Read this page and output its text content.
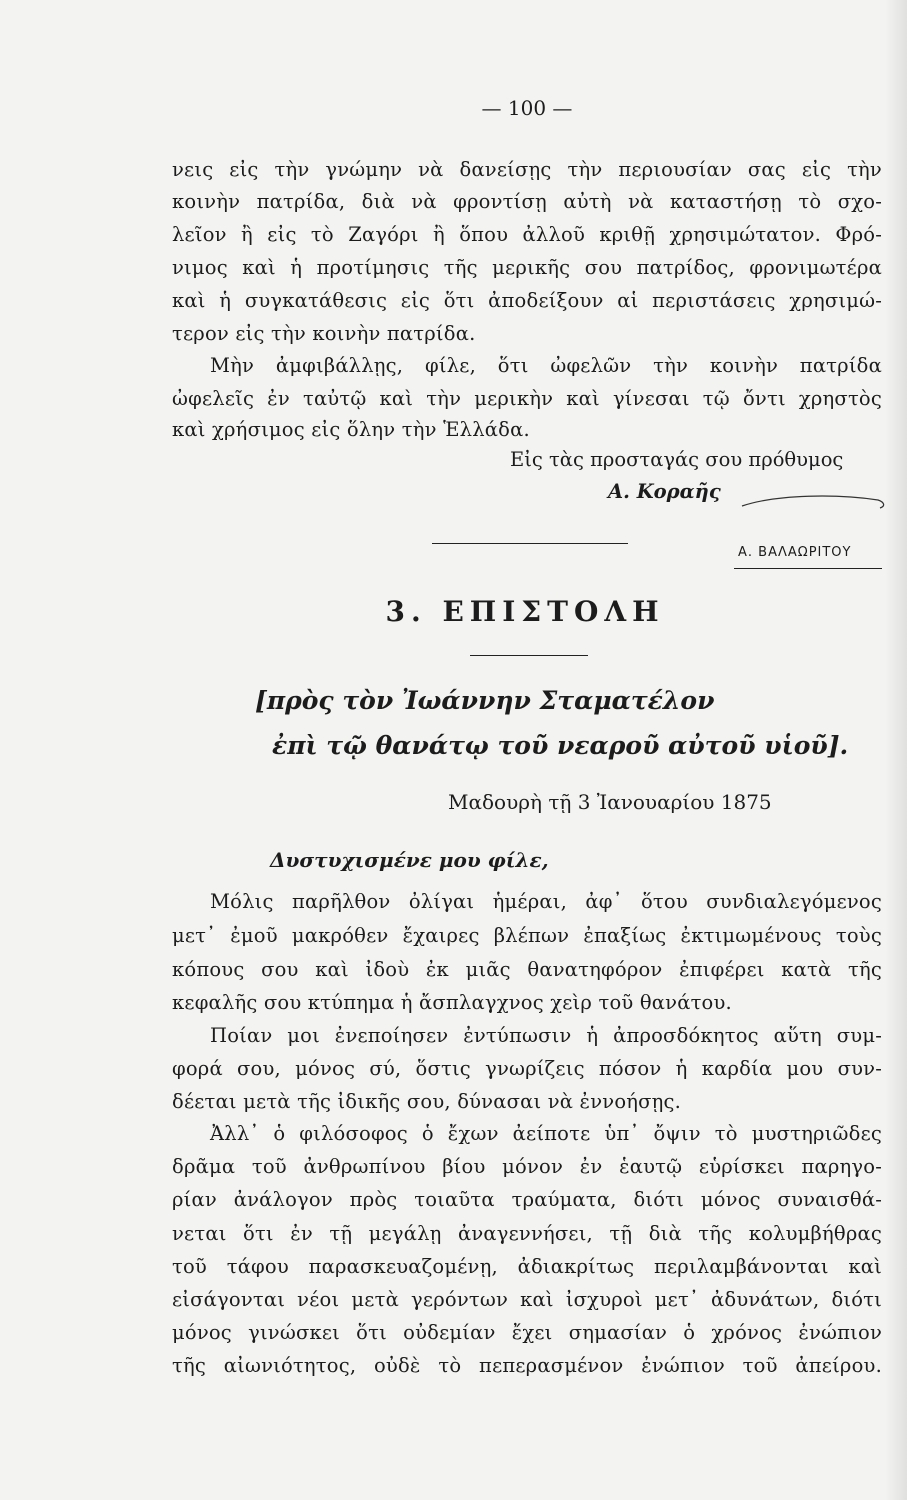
— 100 —
νεις εἰς τὴν γνώμην νὰ δανείσῃς τὴν περιουσίαν σας εἰς τὴν
κοινὴν πατρίδα, διὰ νὰ φροντίσῃ αὐτὴ νὰ καταστήσῃ τὸ σχο-
λεῖον ἢ εἰς τὸ Ζαγόρι ἢ ὅπου ἀλλοῦ κριθῇ χρησιμώτατον. Φρό-
νιμος καὶ ἡ προτίμησις τῆς μερικῆς σου πατρίδος, φρονιμωτέρα
καὶ ἡ συγκατάθεσις εἰς ὅτι ἀποδείξουν αἱ περιστάσεις χρησιμώ-
τερον εἰς τὴν κοινὴν πατρίδα.
Μὴν ἀμφιβάλλῃς, φίλε, ὅτι ὠφελῶν τὴν κοινὴν πατρίδα
ὠφελεῖς ἐν ταὐτῷ καὶ τὴν μερικὴν καὶ γίνεσαι τῷ ὄντι χρηστὸς
καὶ χρήσιμος εἰς ὅλην τὴν Ἑλλάδα.
Εἰς τὰς προσταγάς σου πρόθυμος
Α. Κοραῆς
Α. ΒΑΛΑΩΡΙΤΟΥ
3. ΕΠΙΣΤΟΛΗ
[πρὸς τὸν Ἰωάννην Σταματέλον
ἐπὶ τῷ θανάτῳ τοῦ νεαροῦ αὐτοῦ υἱοῦ].
Μαδουρὴ τῇ 3 Ἰανουαρίου 1875
Δυστυχισμένε μου φίλε,
Μόλις παρῆλθον ὀλίγαι ἡμέραι, ἀφ᾿ ὅτου συνδιαλεγόμενος
μετ᾿ ἐμοῦ μακρόθεν ἔχαιρες βλέπων ἐπαξίως ἐκτιμωμένους τοὺς
κόπους σου καὶ ἰδοὺ ἐκ μιᾶς θανατηφόρον ἐπιφέρει κατὰ τῆς
κεφαλῆς σου κτύπημα ἡ ἄσπλαγχνος χεὶρ τοῦ θανάτου.
Ποίαν μοι ἐνεποίησεν ἐντύπωσιν ἡ ἀπροσδόκητος αὕτη συμ-
φορά σου, μόνος σύ, ὅστις γνωρίζεις πόσον ἡ καρδία μου συν-
δέεται μετὰ τῆς ἰδικῆς σου, δύνασαι νὰ ἐννοήσῃς.
Ἀλλ᾿ ὁ φιλόσοφος ὁ ἔχων ἀείποτε ὑπ᾿ ὄψιν τὸ μυστηριῶδες
δρᾶμα τοῦ ἀνθρωπίνου βίου μόνον ἐν ἑαυτῷ εὑρίσκει παρηγο-
ρίαν ἀνάλογον πρὸς τοιαῦτα τραύματα, διότι μόνος συναισθά-
νεται ὅτι ἐν τῇ μεγάλῃ ἀναγεννήσει, τῇ διὰ τῆς κολυμβήθρας
τοῦ τάφου παρασκευαζομένῃ, ἀδιακρίτως περιλαμβάνονται καὶ
εἰσάγονται νέοι μετὰ γερόντων καὶ ἰσχυροὶ μετ᾿ ἀδυνάτων, διότι
μόνος γινώσκει ὅτι οὐδεμίαν ἔχει σημασίαν ὁ χρόνος ἐνώπιον
τῆς αἰωνιότητος, οὐδὲ τὸ πεπερασμένον ἐνώπιον τοῦ ἀπείρου.
